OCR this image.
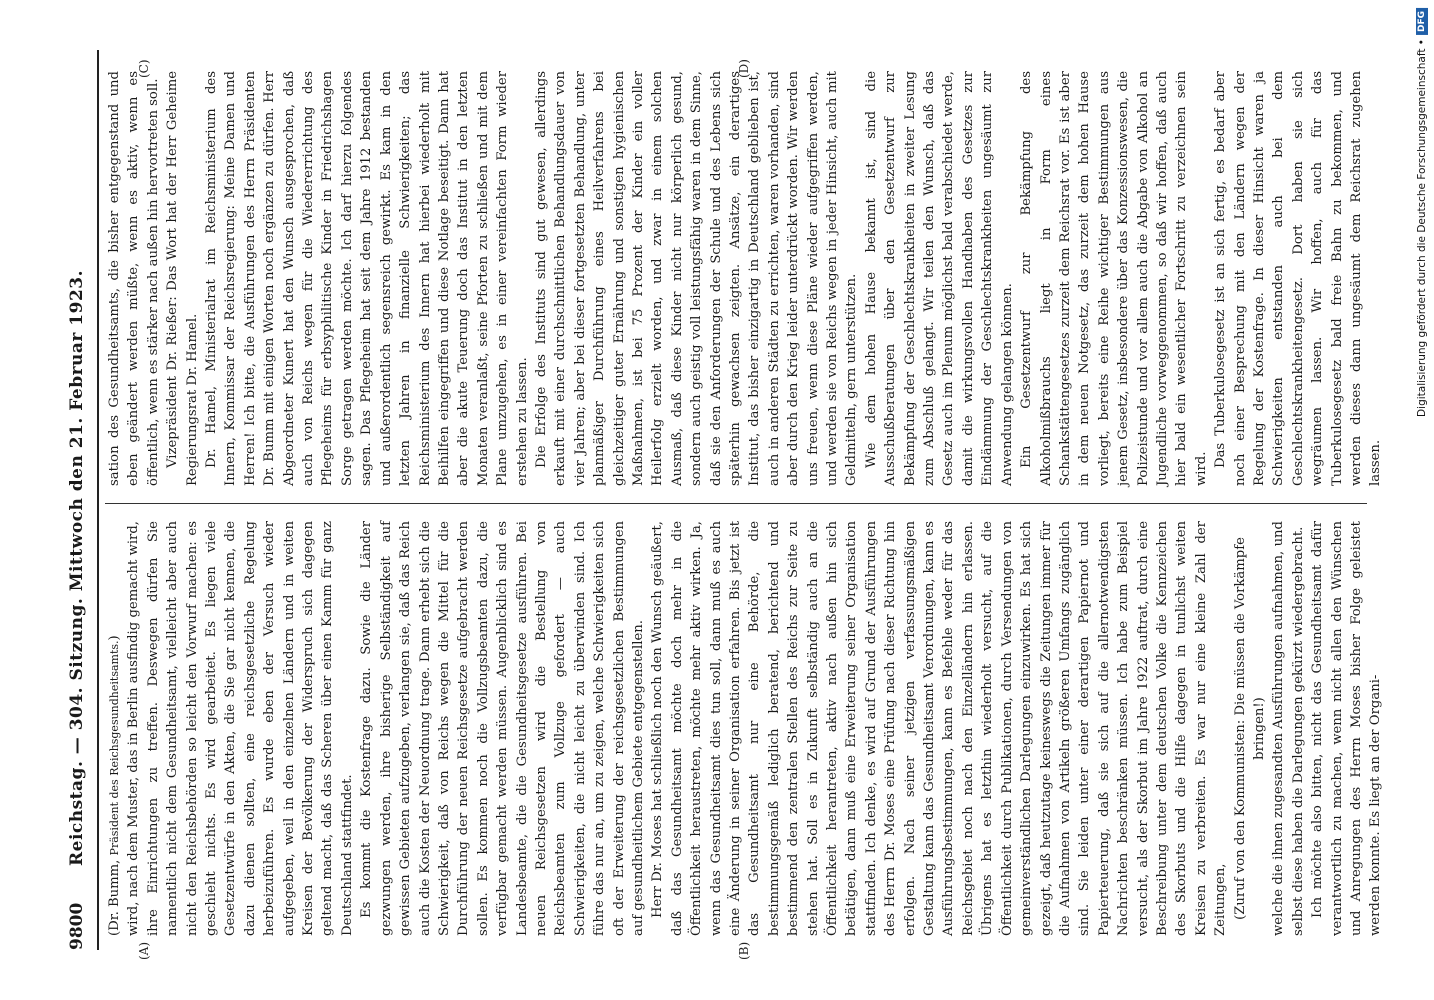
9800
Reichstag. — 304. Sitzung. Mittwoch den 21. Februar 1923.
(A)	(B)
(C)	(D)

(Dr. Bumm, Präsident des Reichsgesundheitsamts.) wird, nach dem Muster, das in Berlin ausfindig gemacht wird, ihre Einrichtungen zu treffen. Deswegen dürfen Sie namentlich nicht dem Gesundheitsamt, vielleicht aber auch nicht den Reichsbehörden so leicht den Vorwurf machen: es geschieht nichts. Es wird gearbeitet. Es liegen viele Gesetzentwürfe in den Akten, die Sie gar nicht kennen, die dazu dienen sollten, eine reichsgesetzliche Regelung herbeizuführen. Es wurde eben der Versuch wieder aufgegeben, weil in den einzelnen Ländern und in weiten Kreisen der Bevölkerung der Widerspruch sich dagegen geltend macht, daß das Scheren über einen Kamm für ganz Deutschland stattfindet. Es kommt die Kostenfrage dazu. Sowie die Länder gezwungen werden, ihre bisherige Selbständigkeit auf gewissen Gebieten aufzugeben, verlangen sie, daß das Reich auch die Kosten der Neuordnung trage. Dann erhebt sich die Schwierigkeit, daß von Reichs wegen die Mittel für die Durchführung der neuen Reichsgesetze aufgebracht werden sollen. Es kommen noch die Vollzugsbeamten dazu, die verfügbar gemacht werden müssen. Augenblicklich sind es Landesbeamte, die die Gesundheitsgesetze ausführen. Bei neuen Reichsgesetzen wird die Bestellung von Reichsbeamten zum Vollzuge gefordert — auch Schwierigkeiten, die nicht leicht zu überwinden sind. Ich führe das nur an, um zu zeigen, welche Schwierigkeiten sich oft der Erweiterung der reichsgesetzlichen Bestimmungen auf gesundheitlichem Gebiete entgegenstellen. Herr Dr. Moses hat schließlich noch den Wunsch geäußert, daß das Gesundheitsamt möchte doch mehr in die Öffentlichkeit heraustreten, möchte mehr aktiv wirken. Ja, wenn das Gesundheitsamt dies tun soll, dann muß es auch eine Änderung in seiner Organisation erfahren. Bis jetzt ist das Gesundheitsamt nur eine Behörde, die bestimmungsgemäß lediglich beratend, berichtend und bestimmend den zentralen Stellen des Reichs zur Seite zu stehen hat. Soll es in Zukunft selbständig auch an die Öffentlichkeit herantreten, aktiv nach außen hin sich betätigen, dann muß eine Erweiterung seiner Organisation stattfinden. Ich denke, es wird auf Grund der Ausführungen des Herrn Dr. Moses eine Prüfung nach dieser Richtung hin erfolgen. Nach seiner jetzigen verfassungsmäßigen Gestaltung kann das Gesundheitsamt Verordnungen, kann es Ausführungsbestimmungen, kann es Befehle weder für das Reichsgebiet noch nach den Einzelländern hin erlassen. Übrigens hat es letzthin wiederholt versucht, auf die Öffentlichkeit durch Publikationen, durch Versendungen von gemeinverständlichen Darlegungen einzuwirken. Es hat sich gezeigt, daß heutzutage keineswegs die Zeitungen immer für die Aufnahmen von Artikeln größeren Umfangs zugänglich sind. Sie leiden unter einer derartigen Papiernot und Papierteuerung, daß sie sich auf die allernotwendigsten Nachrichten beschränken müssen. Ich habe zum Beispiel versucht, als der Skorbut im Jahre 1922 auftrat, durch eine Beschreibung unter dem deutschen Volke die Kennzeichen des Skorbuts und die Hilfe dagegen in tunlichst weiten Kreisen zu verbreiten. Es war nur eine kleine Zahl der Zeitungen, (Zuruf von den Kommunisten: Die müssen die Vorkämpfe bringen!) welche die ihnen zugesandten Ausführungen aufnahmen, und selbst diese haben die Darlegungen gekürzt wiedergebracht. Ich möchte also bitten, nicht das Gesundheitsamt dafür verantwortlich zu machen, wenn nicht allen den Wünschen und Anregungen des Herrn Moses bisher Folge geleistet werden konnte. Es liegt an der Organi-

sation des Gesundheitsamts, die bisher entgegenstand und eben geändert werden müßte, wenn es aktiv, wenn es öffentlich, wenn es stärker nach außen hin hervortreten soll. Vizepräsident Dr. Rießer: Das Wort hat der Herr Geheime Regierungsrat Dr. Hamel. Dr. Hamel, Ministerialrat im Reichsministerium des Innern, Kommissar der Reichsregierung: Meine Damen und Herren! Ich bitte, die Ausführungen des Herrn Präsidenten Dr. Bumm mit einigen Worten noch ergänzen zu dürfen. Herr Abgeordneter Kunert hat den Wunsch ausgesprochen, daß auch von Reichs wegen für die Wiedererrichtung des Pflegeheims für erbsyphilitische Kinder in Friedrichshagen Sorge getragen werden möchte. Ich darf hierzu folgendes sagen. Das Pflegeheim hat seit dem Jahre 1912 bestanden und außerordentlich segensreich gewirkt. Es kam in den letzten Jahren in finanzielle Schwierigkeiten; das Reichsministerium des Innern hat hierbei wiederholt mit Beihilfen eingegriffen und diese Notlage beseitigt. Dann hat aber die akute Teuerung doch das Institut in den letzten Monaten veranlaßt, seine Pforten zu schließen und mit dem Plane umzugehen, es in einer vereinfachten Form wieder erstehen zu lassen. Die Erfolge des Instituts sind gut gewesen, allerdings erkauft mit einer durchschnittlichen Behandlungsdauer von vier Jahren; aber bei dieser fortgesetzten Behandlung, unter planmäßiger Durchführung eines Heilverfahrens bei gleichzeitiger guter Ernährung und sonstigen hygienischen Maßnahmen, ist bei 75 Prozent der Kinder ein voller Heilerfolg erzielt worden, und zwar in einem solchen Ausmaß, daß diese Kinder nicht nur körperlich gesund, sondern auch geistig voll leistungsfähig waren in dem Sinne, daß sie den Anforderungen der Schule und des Lebens sich späterhin gewachsen zeigten. Ansätze, ein derartiges Institut, das bisher einzigartig in Deutschland geblieben ist, auch in anderen Städten zu errichten, waren vorhanden, sind aber durch den Krieg leider unterdrückt worden. Wir werden uns freuen, wenn diese Pläne wieder aufgegriffen werden, und werden sie von Reichs wegen in jeder Hinsicht, auch mit Geldmitteln, gern unterstützen. Wie dem hohen Hause bekannt ist, sind die Ausschußberatungen über den Gesetzentwurf zur Bekämpfung der Geschlechtskrankheiten in zweiter Lesung zum Abschluß gelangt. Wir teilen den Wunsch, daß das Gesetz auch im Plenum möglichst bald verabschiedet werde, damit die wirkungsvollen Handhaben des Gesetzes zur Eindämmung der Geschlechtskrankheiten ungesäumt zur Anwendung gelangen können. Ein Gesetzentwurf zur Bekämpfung des Alkoholmißbrauchs liegt in Form eines Schankstättengesetzes zurzeit dem Reichsrat vor. Es ist aber in dem neuen Notgesetz, das zurzeit dem hohen Hause vorliegt, bereits eine Reihe wichtiger Bestimmungen aus jenem Gesetz, insbesondere über das Konzessionswesen, die Polizeistunde und vor allem auch die Abgabe von Alkohol an Jugendliche vorweggenommen, so daß wir hoffen, daß auch hier bald ein wesentlicher Fortschritt zu verzeichnen sein wird.

Das Tuberkulosegesetz ist an sich fertig, es bedarf aber noch einer Besprechung mit den Ländern wegen der Regelung der Kostenfrage. In dieser Hinsicht waren ja Schwierigkeiten entstanden auch bei dem Geschlechtskrankheitengesetz. Dort haben sie sich wegräumen lassen. Wir hoffen, auch für das Tuberkulosegesetz bald freie Bahn zu bekommen, und werden dieses dann ungesäumt dem Reichsrat zugehen lassen.

Digitalisierung gefördert durch die Deutsche Forschungsgemeinschaft •
DFG
